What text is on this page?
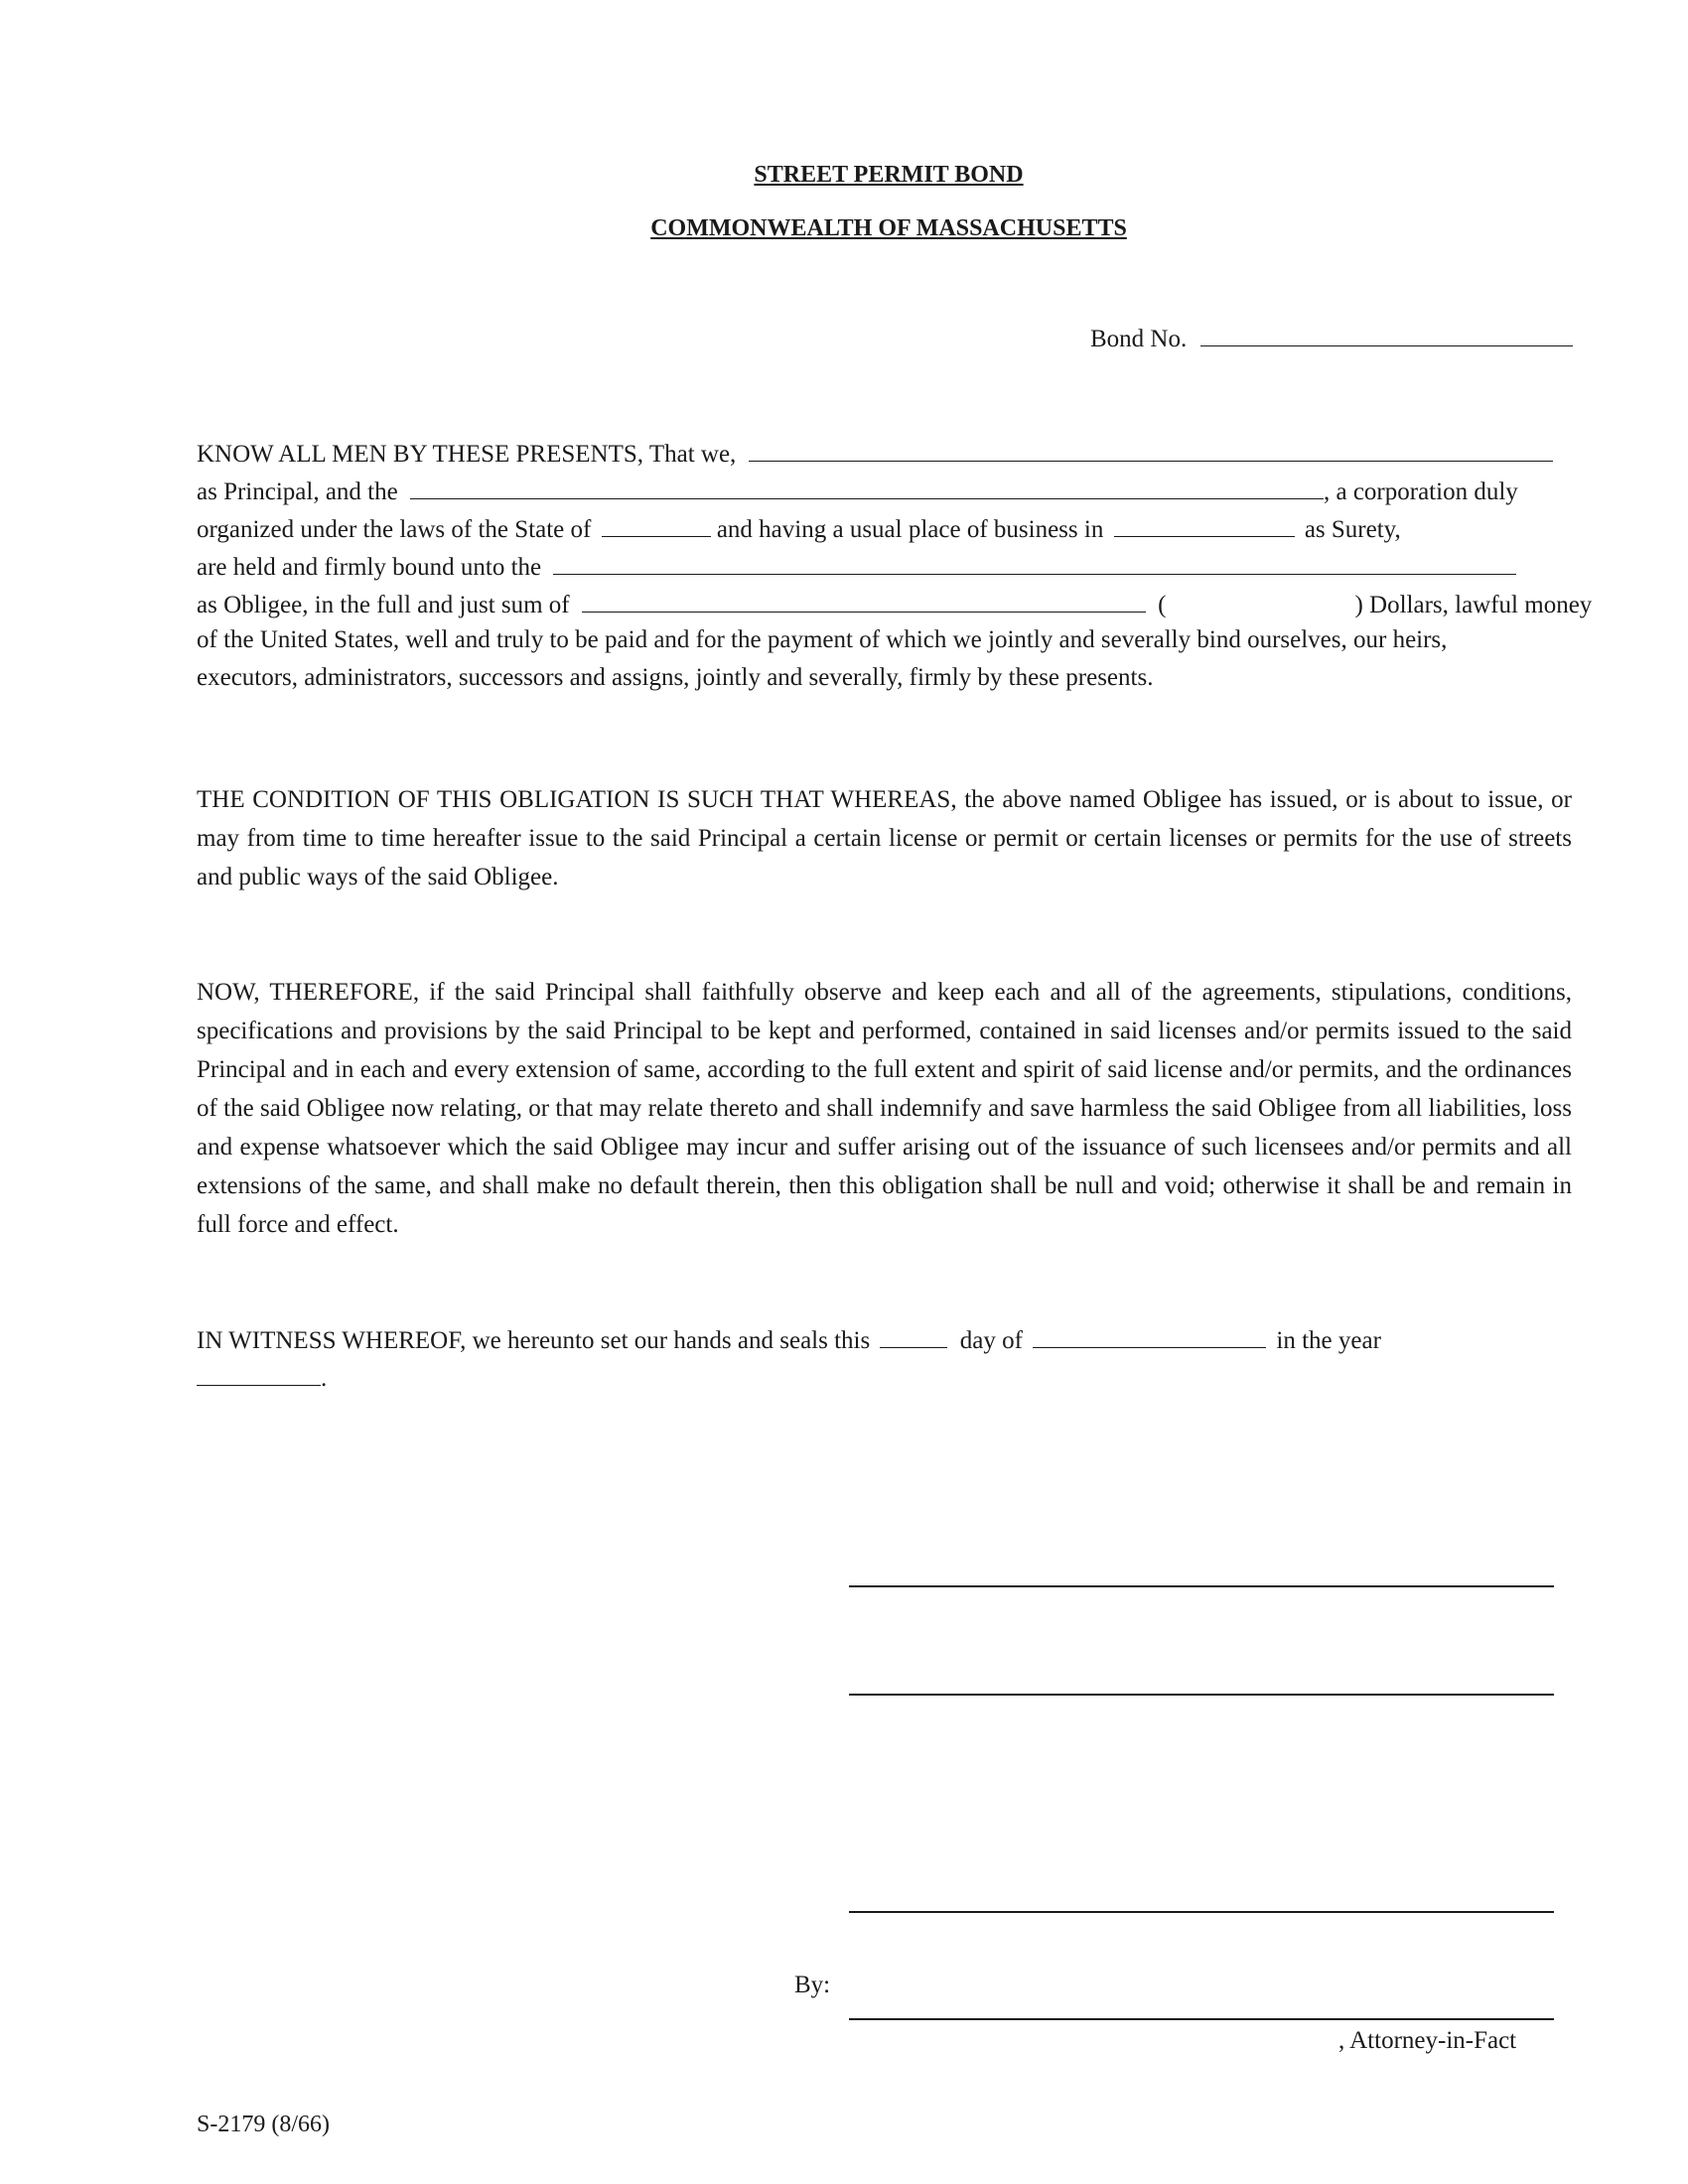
STREET PERMIT BOND
COMMONWEALTH OF MASSACHUSETTS
Bond No.
KNOW ALL MEN BY THESE PRESENTS, That we,
as Principal, and the	, a corporation duly
organized under the laws of the State of	and having a usual place of business in	as Surety,
are held and firmly bound unto the
as Obligee, in the full and just sum of	(	) Dollars, lawful money
of the United States, well and truly to be paid and for the payment of which we jointly and severally bind ourselves, our heirs,
executors, administrators, successors and assigns, jointly and severally, firmly by these presents.
THE CONDITION OF THIS OBLIGATION IS SUCH THAT WHEREAS, the above named Obligee has issued, or is about to issue, or may from time to time hereafter issue to the said Principal a certain license or permit or certain licenses or permits for the use of streets and public ways of the said Obligee.
NOW, THEREFORE, if the said Principal shall faithfully observe and keep each and all of the agreements, stipulations, conditions, specifications and provisions by the said Principal to be kept and performed, contained in said licenses and/or permits issued to the said Principal and in each and every extension of same, according to the full extent and spirit of said license and/or permits, and the ordinances of the said Obligee now relating, or that may relate thereto and shall indemnify and save harmless the said Obligee from all liabilities, loss and expense whatsoever which the said Obligee may incur and suffer arising out of the issuance of such licensees and/or permits and all extensions of the same, and shall make no default therein, then this obligation shall be null and void; otherwise it shall be and remain in full force and effect.
IN WITNESS WHEREOF, we hereunto set our hands and seals this	day of	in the year
.
By:
, Attorney-in-Fact
S-2179 (8/66)
